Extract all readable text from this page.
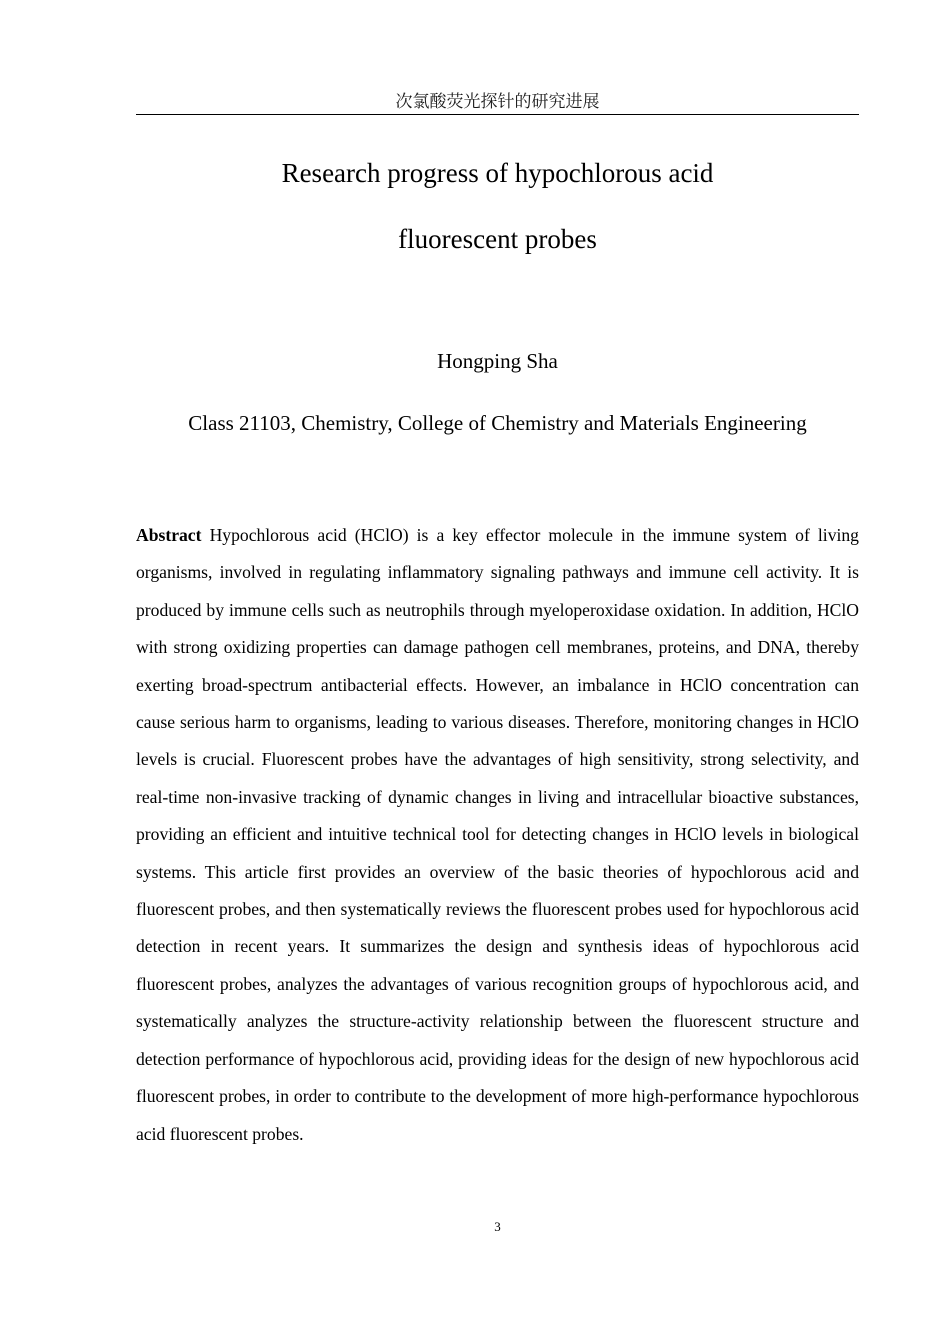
次氯酸荧光探针的研究进展
Research progress of hypochlorous acid
fluorescent probes
Hongping Sha
Class 21103, Chemistry, College of Chemistry and Materials Engineering

Abstract Hypochlorous acid (HClO) is a key effector molecule in the immune system of living organisms, involved in regulating inflammatory signaling pathways and immune cell activity. It is produced by immune cells such as neutrophils through myeloperoxidase oxidation. In addition, HClO with strong oxidizing properties can damage pathogen cell membranes, proteins, and DNA, thereby exerting broad-spectrum antibacterial effects. However, an imbalance in HClO concentration can cause serious harm to organisms, leading to various diseases. Therefore, monitoring changes in HClO levels is crucial. Fluorescent probes have the advantages of high sensitivity, strong selectivity, and real-time non-invasive tracking of dynamic changes in living and intracellular bioactive substances, providing an efficient and intuitive technical tool for detecting changes in HClO levels in biological systems. This article first provides an overview of the basic theories of hypochlorous acid and fluorescent probes, and then systematically reviews the fluorescent probes used for hypochlorous acid detection in recent years. It summarizes the design and synthesis ideas of hypochlorous acid fluorescent probes, analyzes the advantages of various recognition groups of hypochlorous acid, and systematically analyzes the structure-activity relationship between the fluorescent structure and detection performance of hypochlorous acid, providing ideas for the design of new hypochlorous acid fluorescent probes, in order to contribute to the development of more high-performance hypochlorous acid fluorescent probes.

3
